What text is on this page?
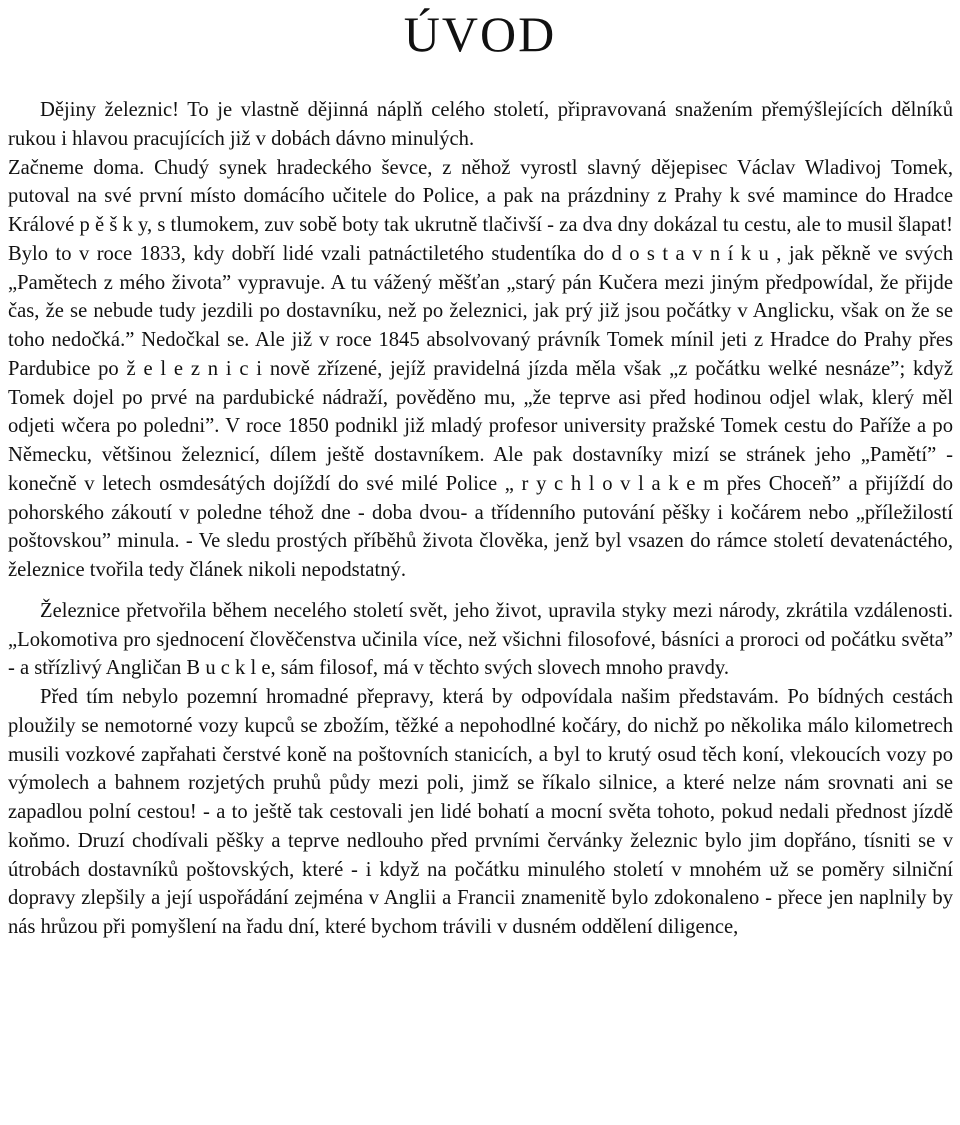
ÚVOD

Dějiny železnic! To je vlastně dějinná náplň celého století, připravovaná snažením přemýšlejících dělníků rukou i hlavou pracujících již v dobách dávno minulých.

Začneme doma. Chudý synek hradeckého ševce, z něhož vyrostl slavný dějepisec Václav Wladivoj Tomek, putoval na své první místo domácího učitele do Police, a pak na prázdniny z Prahy k své mamince do Hradce Králové p ě š k y, s tlumokem, zuv sobě boty tak ukrutně tlačivší - za dva dny dokázal tu cestu, ale to musil šlapat! Bylo to v roce 1833, kdy dobří lidé vzali patnáctiletého studentíka do d o s t a v n í k u , jak pěkně ve svých „Pamětech z mého života” vypravuje. A tu vážený měšťan „starý pán Kučera mezi jiným předpowídal, že přijde čas, že se nebude tudy jezdili po dostavníku, než po železnici, jak prý již jsou počátky v Anglicku, však on že se toho nedočká.” Nedočkal se. Ale již v roce 1845 absolvovaný právník Tomek mínil jeti z Hradce do Prahy přes Pardubice po ž e l e z n i c i nově zřízené, jejíž pravidelná jízda měla však „z počátku welké nesnáze”; když Tomek dojel po prvé na pardubické nádraží, pověděno mu, „že teprve asi před hodinou odjel wlak, klerý měl odjeti wčera po poledni”. V roce 1850 podnikl již mladý profesor university pražské Tomek cestu do Paříže a po Německu, většinou železnicí, dílem ještě dostavníkem. Ale pak dostavníky mizí se stránek jeho „Pamětí” - konečně v letech osmdesátých dojíždí do své milé Police „ r y c h l o v l a k e m přes Choceň” a přijíždí do pohorského zákoutí v poledne téhož dne - doba dvou- a třídenního putování pěšky i kočárem nebo „příležilostí poštovskou” minula. - Ve sledu prostých příběhů života člověka, jenž byl vsazen do rámce století devatenáctého, železnice tvořila tedy článek nikoli nepodstatný.

Železnice přetvořila během neceléhо století svět, jeho život, upravila styky mezi národy, zkrátila vzdálenosti. „Lokomotiva pro sjednocení člověčenstva učinila více, než všichni filosofové, básníci a proroci od počátku světa” - a střízlivý Angličan B u c k l e, sám filosof, má v těchto svých slovech mnoho pravdy.

Před tím nebylo pozemní hromadné přepravy, která by odpovídala našim představám. Po bídných cestách ploužily se nemotorné vozy kupců se zbožím, těžké a nepohodlné kočáry, do nichž po několika málo kilometrech musili vozkové zapřahati čerstvé koně na poštovních stanicích, a byl to krutý osud těch koní, vlekoucích vozy po výmolech a bahnem rozjetých pruhů půdy mezi poli, jimž se říkalo silnice, a které nelze nám srovnati ani se zapadlou polní cestou! - a to ještě tak cestovali jen lidé bohatí a mocní světa tohoto, pokud nedali přednost jízdě koňmo. Druzí chodívali pěšky a teprve nedlouho před prvními červánky železnic bylo jim dopřáno, tísniti se v útrobách dostavníků poštovských, které - i když na počátku minulého století v mnohém už se poměry silniční dopravy zlepšily a její uspořádání zejména v Anglii a Francii znamenitě bylo zdokonaleno - přece jen naplnily by nás hrůzou při pomyšlení na řadu dní, které bychom trávili v dusném oddělení diligence,
